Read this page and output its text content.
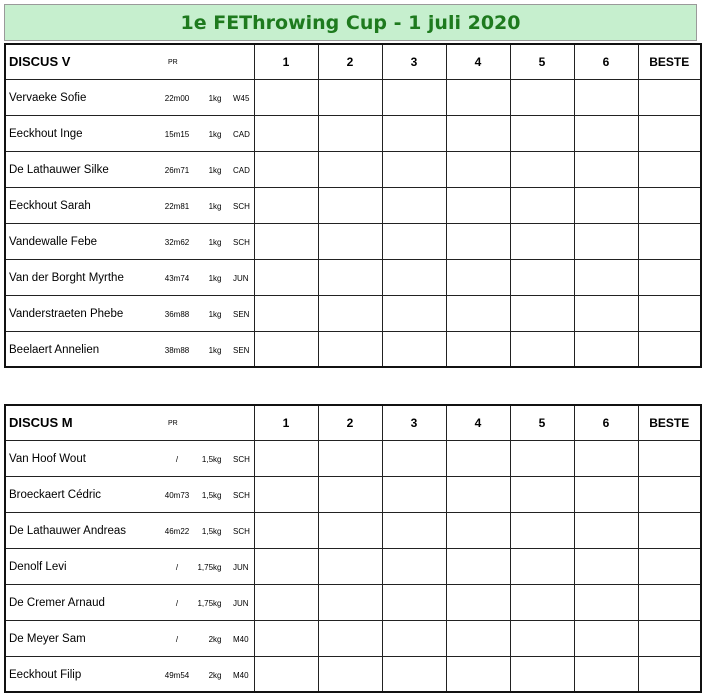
1e FEThrowing Cup - 1 juli 2020
DISCUS V PR	1	2	3	4	5	6	BESTE

Vervaeke Sofie 22m00 1kg W45							

Eeckhout Inge 15m15 1kg CAD							

De Lathauwer Silke 26m71 1kg CAD							

Eeckhout Sarah 22m81 1kg SCH							

Vandewalle Febe 32m62 1kg SCH							

Van der Borght Myrthe 43m74 1kg JUN							

Vanderstraeten Phebe 36m88 1kg SEN							

Beelaert Annelien 38m88 1kg SEN							

DISCUS M PR	1	2	3	4	5	6	BESTE

Van Hoof Wout / 1,5kg SCH							

Broeckaert Cédric 40m73 1,5kg SCH							

De Lathauwer Andreas 46m22 1,5kg SCH							

Denolf Levi / 1,75kg JUN							

De Cremer Arnaud / 1,75kg JUN							

De Meyer Sam / 2kg M40							

Eeckhout Filip 49m54 2kg M40							
